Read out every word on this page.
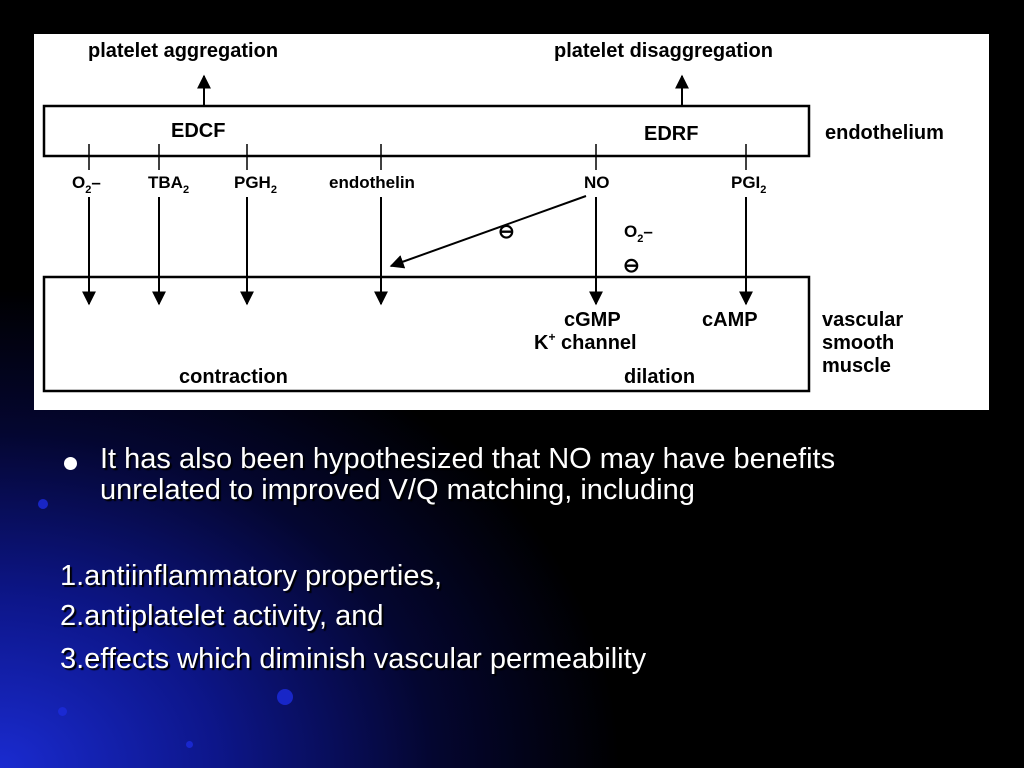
platelet aggregation	platelet disaggregation
EDCF	EDRF	endothelium
$O_2-$	$TBA_2$	$PGH_2$	endothelin	NO	$PGI_2$
⊖	$O_2-$
⊖
cGMP
K+ channel
cAMP
contraction	dilation
vascular
smooth
muscle
It has also been hypothesized that NO may have benefits unrelated to improved V/Q matching, including
1.antiinflammatory properties,
2.antiplatelet activity, and
3.effects which diminish vascular permeability
